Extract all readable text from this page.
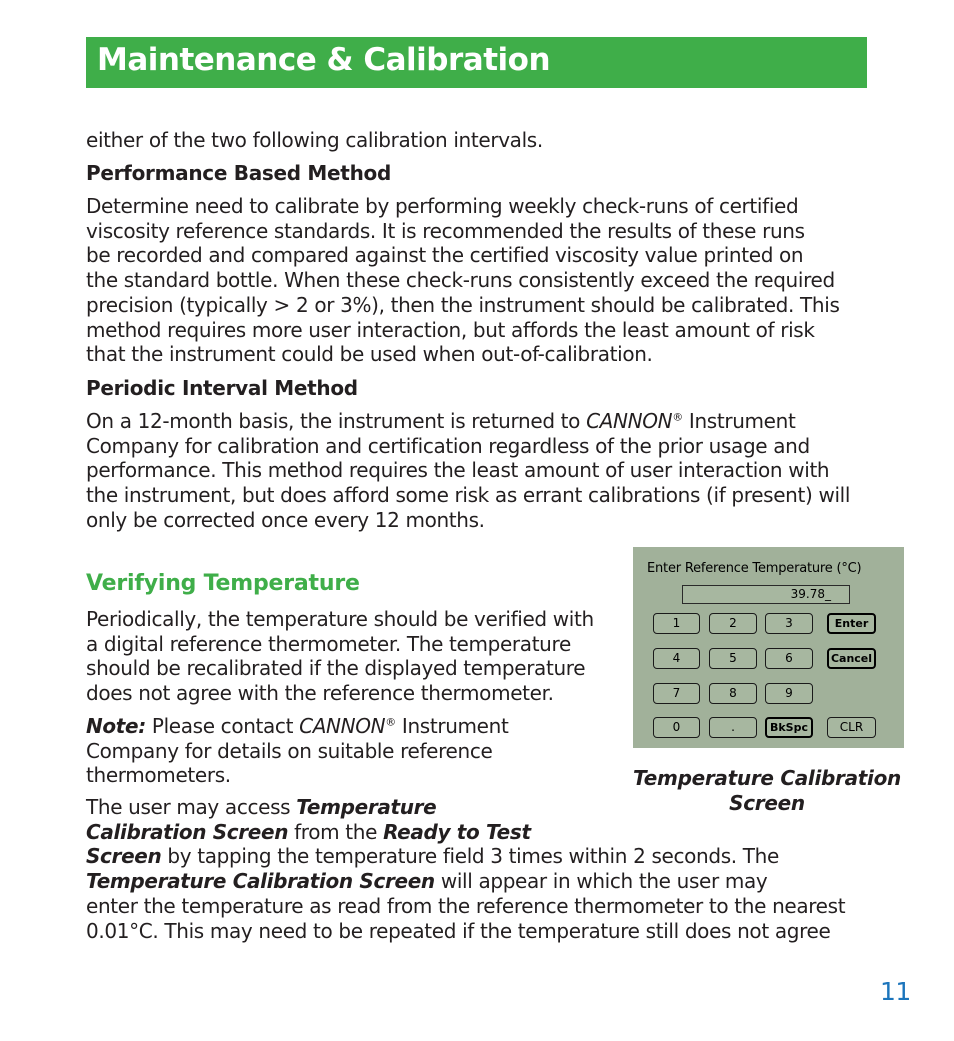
Maintenance & Calibration

either of the two following calibration intervals.

Performance Based Method

Determine need to calibrate by performing weekly check-runs of certified

viscosity reference standards. It is recommended the results of these runs

be recorded and compared against the certified viscosity value printed on

the standard bottle. When these check-runs consistently exceed the required

precision (typically > 2 or 3%), then the instrument should be calibrated. This

method requires more user interaction, but affords the least amount of risk

that the instrument could be used when out-of-calibration.

Periodic Interval Method

On a 12-month basis, the instrument is returned to CANNON® Instrument

Company for calibration and certification regardless of the prior usage and

performance. This method requires the least amount of user interaction with

the instrument, but does afford some risk as errant calibrations (if present) will

only be corrected once every 12 months.

Verifying Temperature

Periodically, the temperature should be verified with

a digital reference thermometer. The temperature

should be recalibrated if the displayed temperature

does not agree with the reference thermometer.

Note: Please contact CANNON® Instrument

Company for details on suitable reference

thermometers.

The user may access Temperature

Calibration Screen from the Ready to Test

Screen by tapping the temperature field 3 times within 2 seconds. The

Temperature Calibration Screen will appear in which the user may

enter the temperature as read from the reference thermometer to the nearest

0.01°C. This may need to be repeated if the temperature still does not agree

Enter Reference Temperature (°C)
39.78_
1	2	3	Enter
4	5	6	Cancel
7	8	9
0	.	BkSpc	CLR
Temperature Calibration
Screen
11
